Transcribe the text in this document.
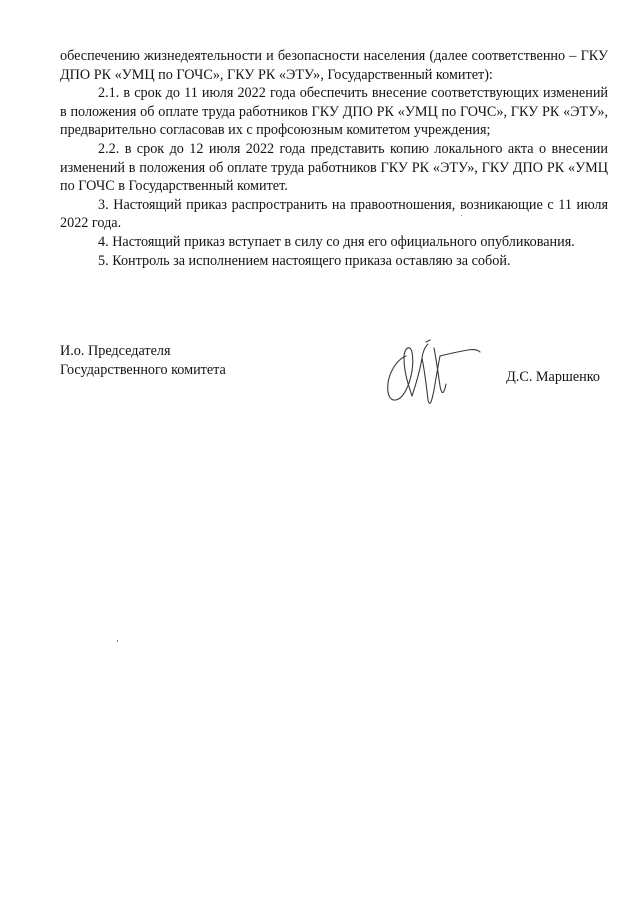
обеспечению жизнедеятельности и безопасности населения (далее соответственно – ГКУ ДПО РК «УМЦ по ГОЧС», ГКУ РК «ЭТУ», Государственный комитет):

2.1. в срок до 11 июля 2022 года обеспечить внесение соответствующих изменений в положения об оплате труда работников ГКУ ДПО РК «УМЦ по ГОЧС», ГКУ РК «ЭТУ», предварительно согласовав их с профсоюзным комитетом учреждения;

2.2. в срок до 12 июля 2022 года представить копию локального акта о внесении изменений в положения об оплате труда работников ГКУ РК «ЭТУ», ГКУ ДПО РК «УМЦ по ГОЧС в Государственный комитет.

3. Настоящий приказ распространить на правоотношения, возникающие с 11 июля 2022 года.

4. Настоящий приказ вступает в силу со дня его официального опубликования.

5. Контроль за исполнением настоящего приказа оставляю за собой.

И.о. Председателя
Государственного комитета	Д.С. Маршенко
